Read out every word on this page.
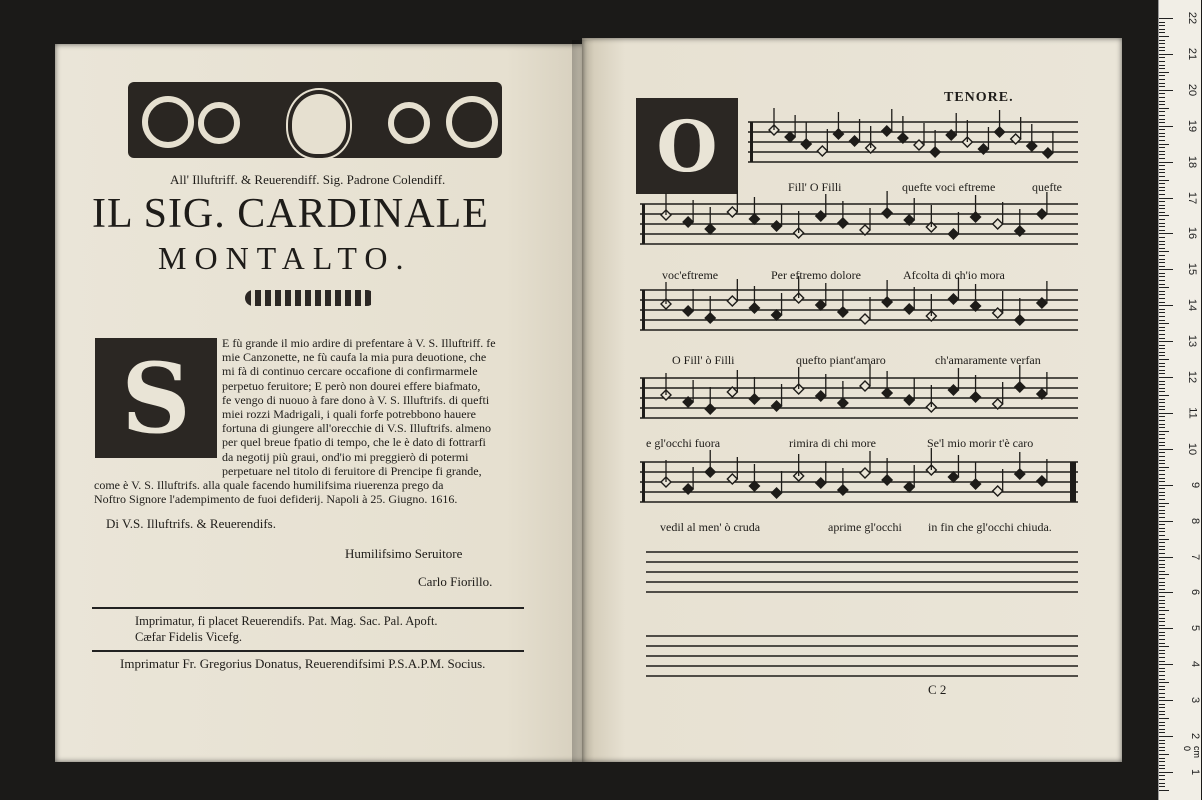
All' Illuftriff. & Reuerendiff. Sig. Padrone Colendiff.
IL SIG. CARDINALE
MONTALTO.
S	E fù grande il mio ardire di prefentare à V. S. Illuftriff. fe
mie Canzonette, ne fù caufa la mia pura deuotione, che
mi fà di continuo cercare occafione di confirmarmele
perpetuo feruitore; E però non dourei effere biafmato,
fe vengo di nuouo à fare dono à V. S. Illuftrifs. di quefti
miei rozzi Madrigali, i quali forfe potrebbono hauere
fortuna di giungere all'orecchie di V.S. Illuftrifs. almeno
per quel breue fpatio di tempo, che le è dato di fottrarfi
da negotij più graui, ond'io mi preggierò di potermi
perpetuare nel titolo di feruitore di Prencipe fi grande,
come è V. S. Illuftrifs. alla quale facendo humilifsima riuerenza prego da
Noftro Signore l'adempimento de fuoi defiderij. Napoli à 25. Giugno. 1616.
Di V.S. Illuftrifs. & Reuerendifs.
Humilifsimo Seruitore
Carlo Fiorillo.
Imprimatur, fi placet Reuerendifs. Pat. Mag. Sac. Pal. Apoft.
Cæfar Fidelis Vicefg.
Imprimatur Fr. Gregorius Donatus, Reuerendifsimi P.S.A.P.M. Socius.
TENORE.
O	Fill' O Filli	quefte voci eftreme	quefte
voc'eftreme	Per eftremo dolore	Afcolta di ch'io mora
O Fill' ò Filli	quefto piant'amaro	ch'amaramente verfan
e gl'occhi fuora	rimira di chi more	Se'l mio morir t'è caro
vedil al men' ò cruda	aprime gl'occhi in fin che gl'occhi chiuda.
C 2
cm 0
22
21
20
19
18
17
16
15
14
13
12
11
10
9
8
7
6
5
4
3
2
1
